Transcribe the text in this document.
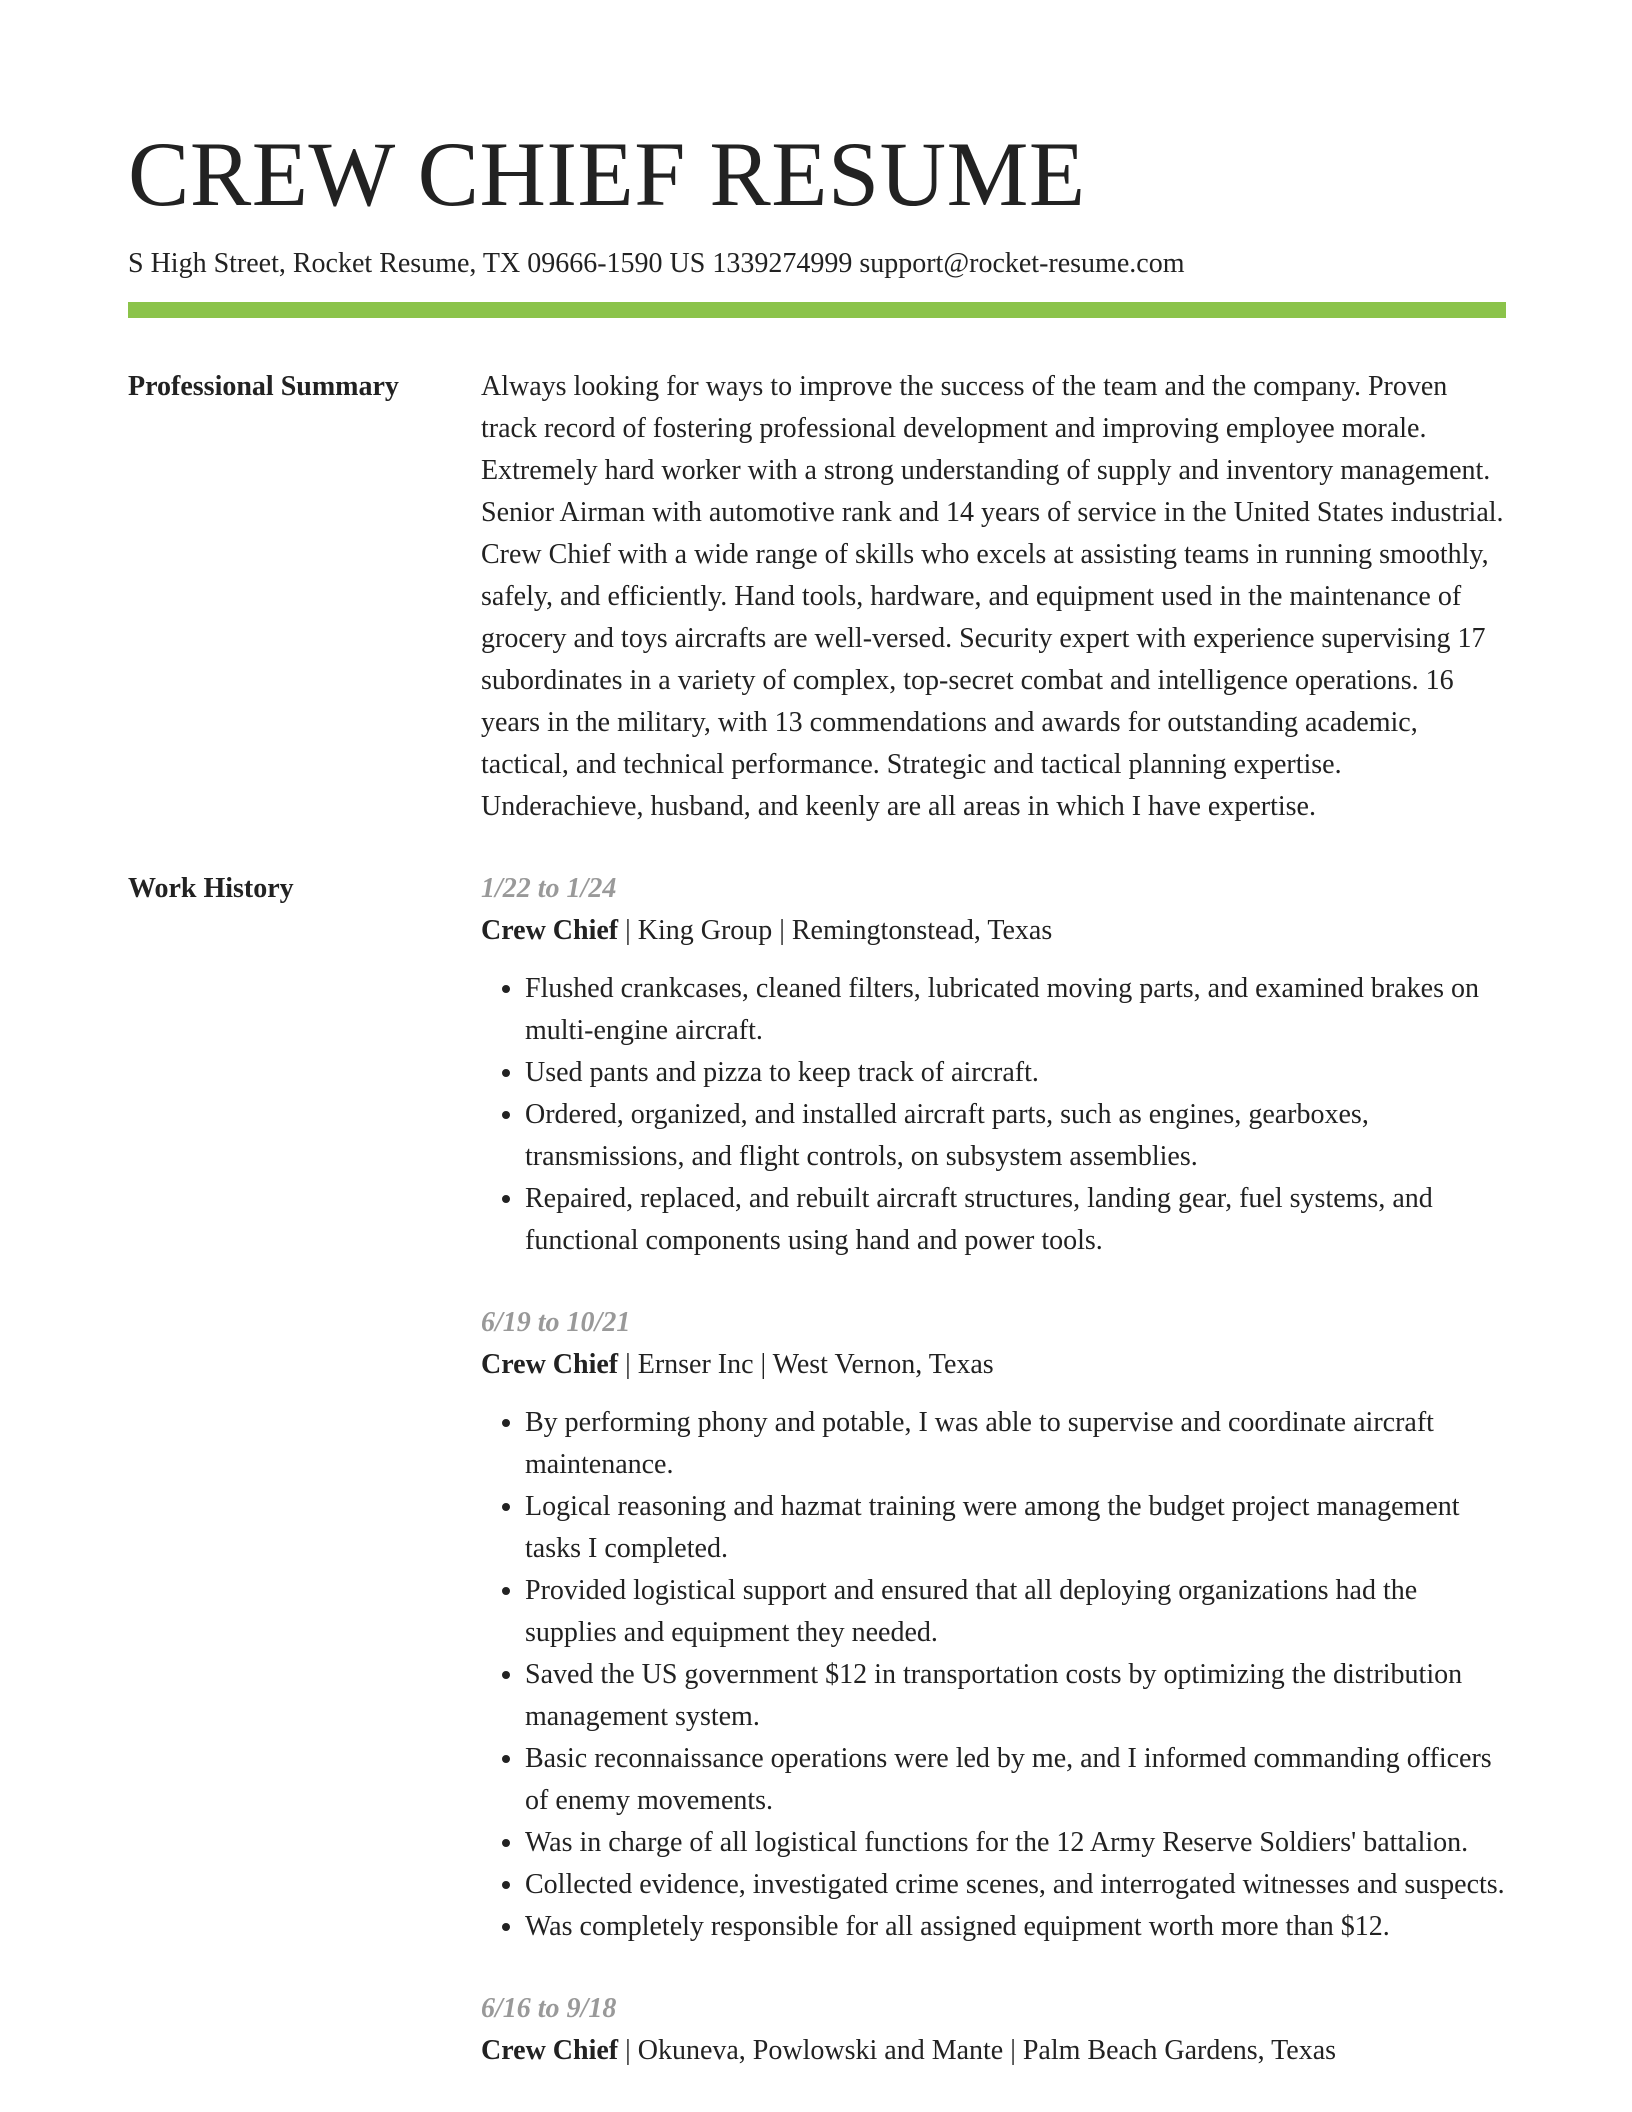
CREW CHIEF RESUME
S High Street, Rocket Resume, TX 09666-1590 US 1339274999 support@rocket-resume.com
Professional Summary	Always looking for ways to improve the success of the team and the company. Proven track record of fostering professional development and improving employee morale. Extremely hard worker with a strong understanding of supply and inventory management. Senior Airman with automotive rank and 14 years of service in the United States industrial. Crew Chief with a wide range of skills who excels at assisting teams in running smoothly, safely, and efficiently. Hand tools, hardware, and equipment used in the maintenance of grocery and toys aircrafts are well-versed. Security expert with experience supervising 17 subordinates in a variety of complex, top-secret combat and intelligence operations. 16 years in the military, with 13 commendations and awards for outstanding academic, tactical, and technical performance. Strategic and tactical planning expertise. Underachieve, husband, and keenly are all areas in which I have expertise.

Work History	1/22 to 1/24
Crew Chief | King Group | Remingtonstead, Texas
• Flushed crankcases, cleaned filters, lubricated moving parts, and examined brakes on multi-engine aircraft.
• Used pants and pizza to keep track of aircraft.
• Ordered, organized, and installed aircraft parts, such as engines, gearboxes, transmissions, and flight controls, on subsystem assemblies.
• Repaired, replaced, and rebuilt aircraft structures, landing gear, fuel systems, and functional components using hand and power tools.
6/19 to 10/21
Crew Chief | Ernser Inc | West Vernon, Texas
• By performing phony and potable, I was able to supervise and coordinate aircraft maintenance.
• Logical reasoning and hazmat training were among the budget project management tasks I completed.
• Provided logistical support and ensured that all deploying organizations had the supplies and equipment they needed.
• Saved the US government $12 in transportation costs by optimizing the distribution management system.
• Basic reconnaissance operations were led by me, and I informed commanding officers of enemy movements.
• Was in charge of all logistical functions for the 12 Army Reserve Soldiers' battalion.
• Collected evidence, investigated crime scenes, and interrogated witnesses and suspects.
• Was completely responsible for all assigned equipment worth more than $12.
6/16 to 9/18
Crew Chief | Okuneva, Powlowski and Mante | Palm Beach Gardens, Texas
